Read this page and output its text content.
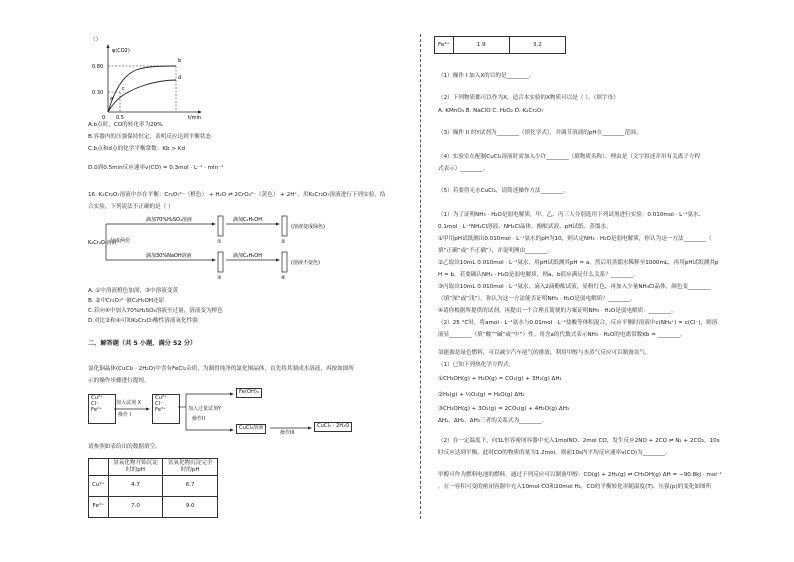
（）
φ(CO2)
t/min
0.80
0.30
0 0.5
b
d
a
c
A.b点时，CO的转化率为20%
B.容器内的压强保持恒定，表明反应达到平衡状态
C.b点和d点的化学平衡常数：Kb > Kd
D.0到0.5min反应速率v(CO) = 0.3mol · L⁻¹ · min⁻¹
16. K₂Cr₂O₇溶液中存在平衡：Cr₂O₇²⁻（橙色） + H₂O ⇌ 2CrO₄²⁻（黄色） + 2H⁺。用K₂Cr₂O₇溶液进行下列实验，结
合实验，下列说法不正确的是（ ）
K₂Cr₂O₇溶液
分成两份
滴加70%H₂SO₄溶液
滴加30%NaOH溶液
滴加C₂H₅OH
滴加C₂H₅OH
(溶液变成绿色)
(溶液不变色)
①	②
③	④
A. ①中溶液橙色加深，③中溶液变黄
B. ②中Cr₂O₇²⁻被C₂H₅OH还原
C.若向④中加入70%H₂SO₄溶液至过量，溶液变为橙色
D.对比②和④可知K₂Cr₂O₇酸性溶液氧化性强
二、解答题（共 5 小题，满分 52 分）
氯化铜晶体(CuCl₂ · 2H₂O)中含有FeCl₂杂质，为制得纯净的氯化铜晶体，首先将其制成水溶液，再按如图所
示的操作步骤进行提纯。
Cu²⁺
Cl⁻
Fe²⁺
加入试剂 X
操作 I
Cu²⁺
Cl⁻
Fe³⁺	加入过量试剂Y
操作II
Fe(OH)₃
CuCl₂溶液
操作III
CuCl₂ · 2H₂O
请参照如表给出的数据填空。
	氢氧化物开始沉淀时的pH	氢氧化物沉淀完全时的pH
Cu²⁺	4.7	6.7
Fe²⁺	7.0	9.0
Fe³⁺	1.9	3.2
（1）操作 I 加入X的目的是________。
（2）下列物质都可以作为X，适合本实验的X物质可以是（ ）。（填字母）
A. KMnO₄ B. NaClO C. H₂O₂ D. K₂Cr₂O₇
（3）操作 II 的Y试剂为________（填化学式），并调节溶液的pH在________范围。
（4）实验室在配制CuCl₂溶液时需加入少许________（填物质名称），理由是（文字叙述并用有关离子方程
式表示）________。
（5）若要得无水CuCl₂，请简述操作方法________。
（1）为了证明NH₃ · H₂O是弱电解质，甲、乙、丙三人分别选用下列试剂进行实验：0.010mol · L⁻¹氨水、
0.1mol · L⁻¹NH₄Cl溶液、NH₄Cl晶体、酚酞试液、pH试纸、蒸馏水。
①甲用pH试纸测出0.010mol · L⁻¹氨水的pH为10，则认定NH₃ · H₂O是弱电解质，你认为这一方法________（
填“正确”或“不正确”），并说明理由________。
②乙取出10mL 0.010mol · L⁻¹氨水，用pH试纸测其pH = a，然后用蒸馏水稀释至1000mL，再用pH试纸测其p
H = b，若要确认NH₃ · H₂O是弱电解质，则a、b值应满足什么关系？________。
③丙取出10mL 0.010mol · L⁻¹氨水，滴入2滴酚酞试液，显粉红色，再加入少量NH₄Cl晶体，颜色变________
（填“深”或“浅”）。你认为这一方法能否证明NH₃ · H₂O是弱电解质？________。
④请你根据所提供的试剂，再提出一个合理且简便的方案证明NH₃ · H₂O是弱电解质：________。
（2）25 °C时，将amol · L⁻¹氨水与0.01mol · L⁻¹盐酸等体积混合，反应平衡时溶液中c(NH₄⁺) = c(Cl⁻)，则溶
液显________（填“酸”“碱”或“中”）性。用含a的代数式表示NH₃ · H₂O的电离常数Kb = ________。
氢能源是绿色燃料，可以减少汽车尾气的排放，利用甲醇与水蒸气反应可以制备氢气。
（1）已知下列热化学方程式：
①CH₃OH(g) + H₂O(g) = CO₂(g) + 3H₂(g) ΔH₁
②H₂(g) + ½O₂(g) = H₂O(g) ΔH₂
③CH₃OH(g) + 3O₂(g) = 2CO₂(g) + 4H₂O(g) ΔH₃
ΔH₁、ΔH₂、ΔH₃三者的关系式为________。
（2）在一定温度下，向1L恒容密闭容器中充入1molNO、2mol CO，发生反应2NO + 2CO ⇌ N₂ + 2CO₂，10s
时反应达到平衡，此时CO的物质的量为1.2mol。则前10s内平均反应速率v(CO)为________。
甲醇可作为燃料电池的燃料。通过下列反应可以制备甲醇：CO(g) + 2H₂(g) ⇌ CH₃OH(g) ΔH = −90.8kJ · mol⁻¹
。在一容积可变的密闭容器中充入10mol CO和20mol H₂，CO的平衡转化率随温度(T)、压强(p)的变化如图所
